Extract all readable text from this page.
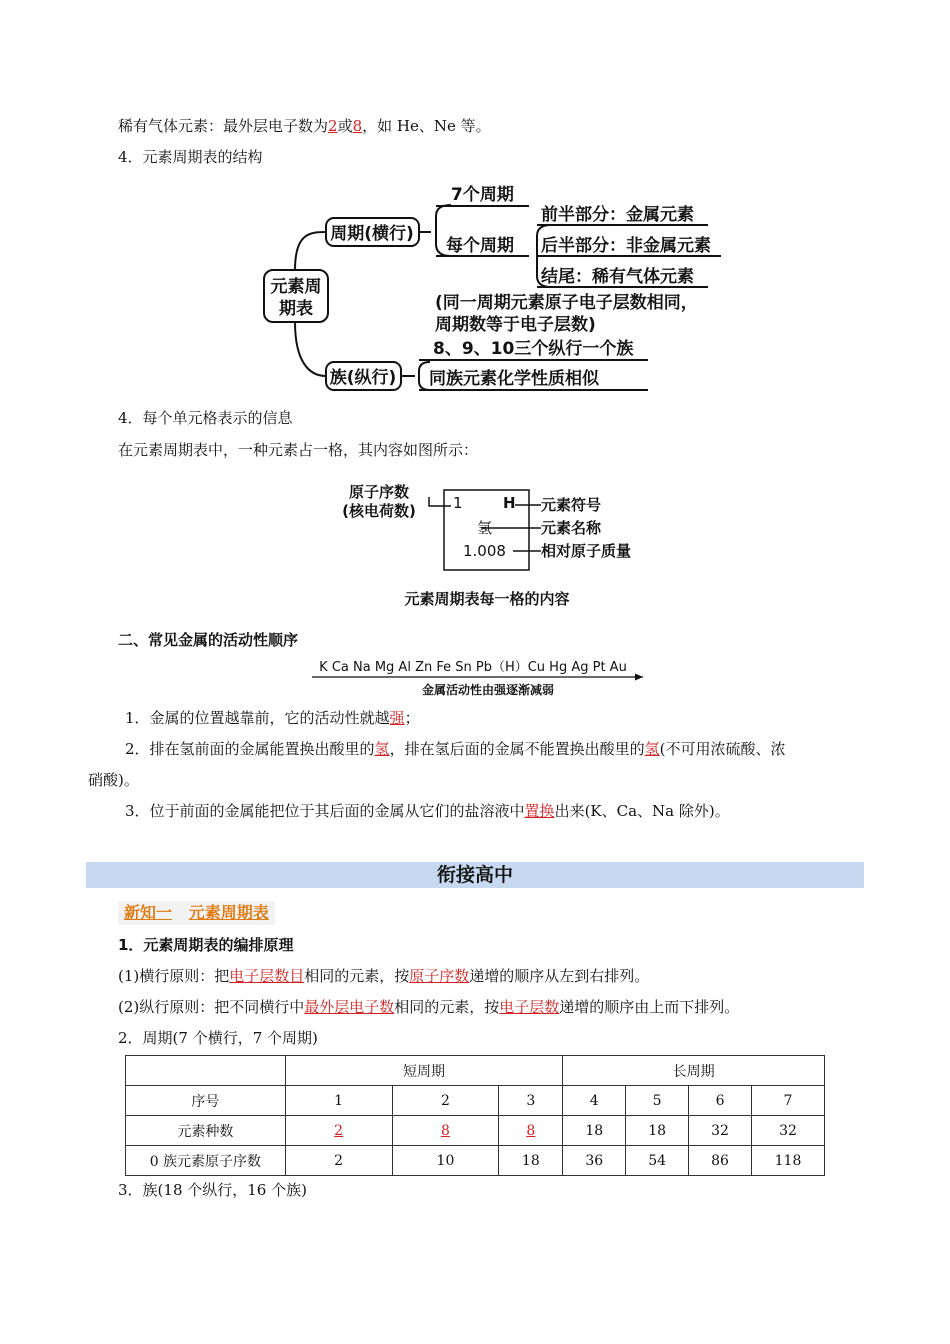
稀有气体元素：最外层电子数为2或8，如 He、Ne 等。
4．元素周期表的结构
元素周
期表
周期(横行)
族(纵行)
7个周期
每个周期
前半部分：金属元素
后半部分：非金属元素
结尾：稀有气体元素
(同一周期元素原子电子层数相同，
周期数等于电子层数)
8、9、10三个纵行一个族
同族元素化学性质相似
4．每个单元格表示的信息
在元素周期表中，一种元素占一格，其内容如图所示：
原子序数
(核电荷数) 1	H
氢
1.008
元素符号
元素名称
相对原子质量
元素周期表每一格的内容
二、常见金属的活动性顺序
K Ca Na Mg Al Zn Fe Sn Pb（H）Cu Hg Ag Pt Au
金属活动性由强逐渐减弱
1．金属的位置越靠前，它的活动性就越强；
2．排在氢前面的金属能置换出酸里的氢，排在氢后面的金属不能置换出酸里的氢(不可用浓硫酸、浓
硝酸)。
3．位于前面的金属能把位于其后面的金属从它们的盐溶液中置换出来(K、Ca、Na 除外)。
衔接高中
新知一 元素周期表
1．元素周期表的编排原理
(1)横行原则：把电子层数目相同的元素，按原子序数递增的顺序从左到右排列。
(2)纵行原则：把不同横行中最外层电子数相同的元素，按电子层数递增的顺序由上而下排列。
2．周期(7 个横行，7 个周期)
	短周期			长周期			
序号	1	2	3	4	5	6	7
元素种数	2	8	8	18	18	32	32
0 族元素原子序数	2	10	18	36	54	86	118
3．族(18 个纵行，16 个族)
